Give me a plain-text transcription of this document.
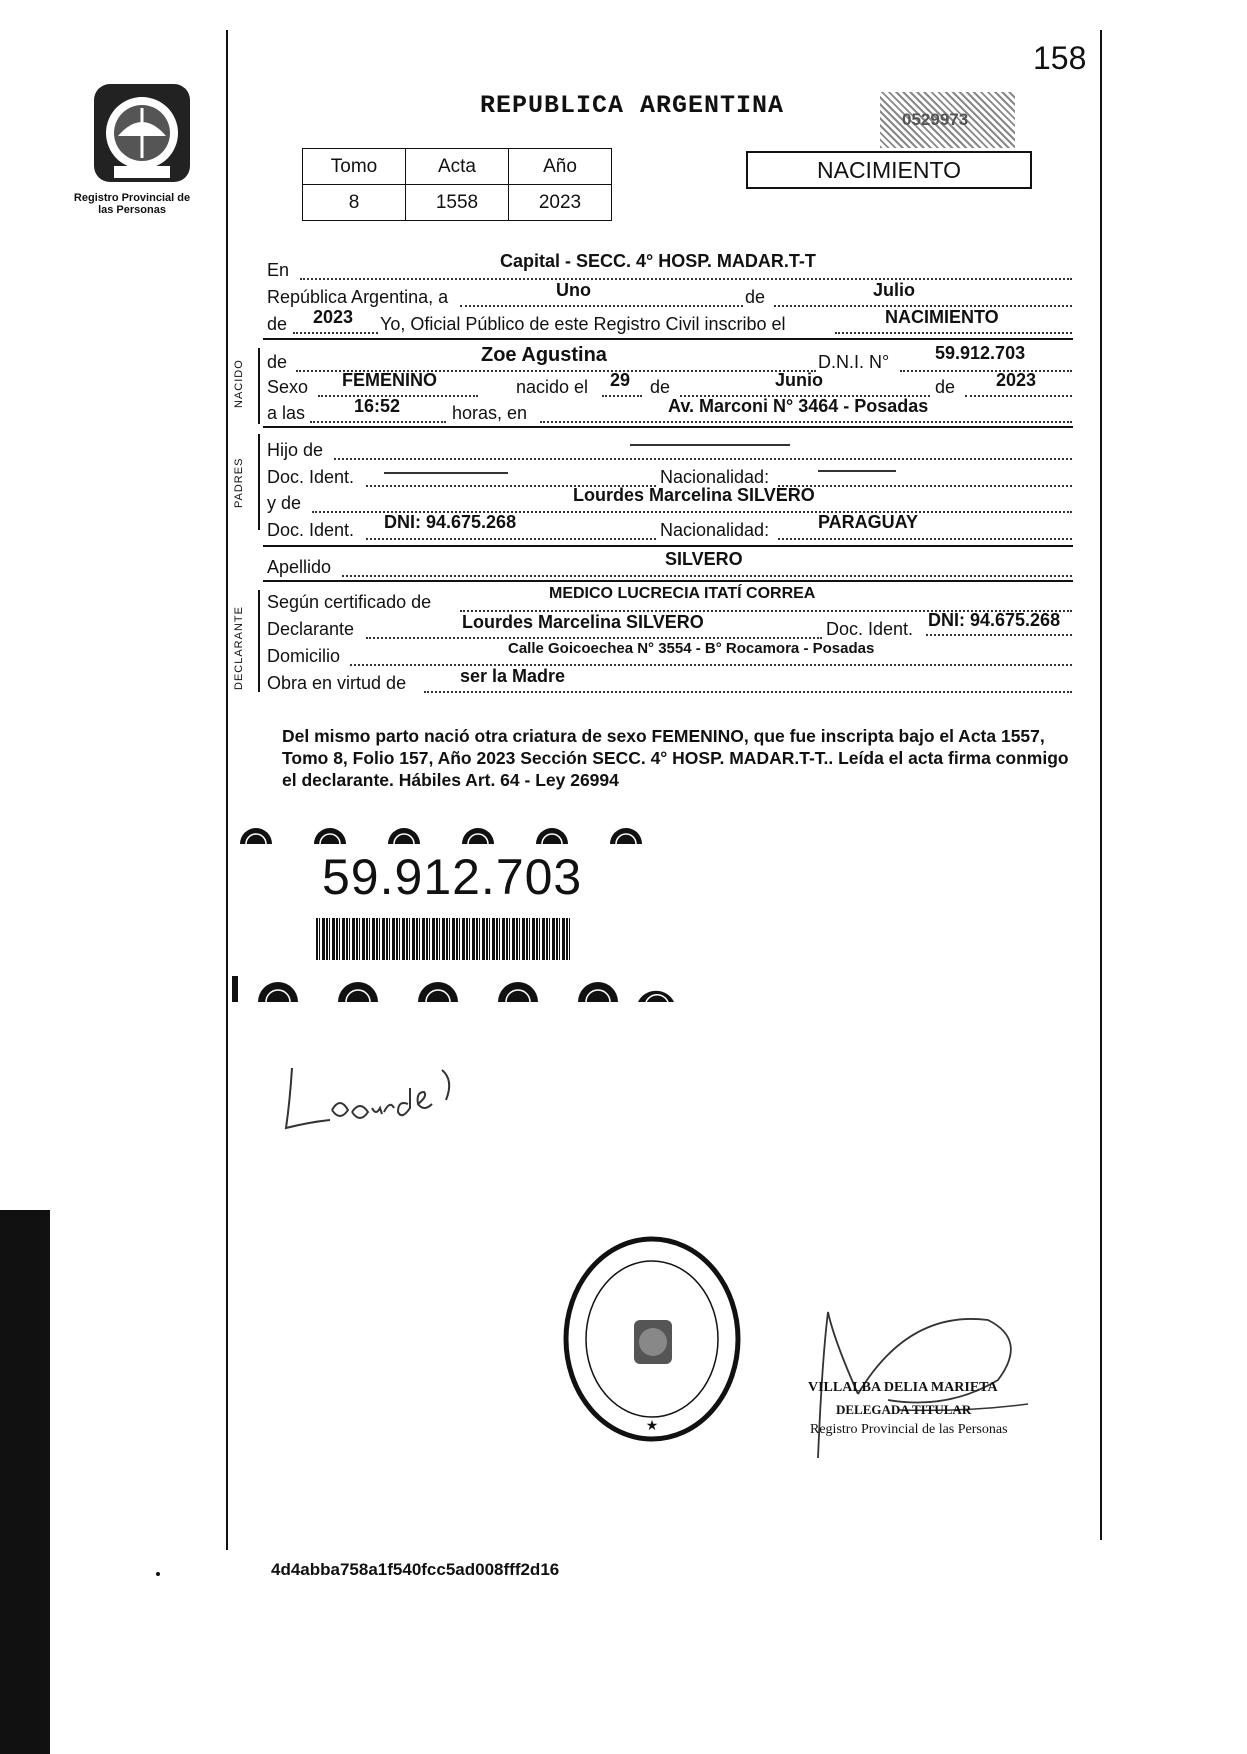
158
Registro Provincial de las Personas
REPUBLICA ARGENTINA	0529973
Tomo	Acta	Año
8	1558	2023
NACIMIENTO
En	Capital - SECC. 4° HOSP. MADAR.T-T
República Argentina, a	Uno	de	Julio
de 2023 Yo, Oficial Público de este Registro Civil inscribo el	NACIMIENTO
NACIDO de	Zoe Agustina	D.N.I. N°	59.912.703
Sexo FEMENINO	nacido el 29 de	Junio	de 2023
a las	16:52	horas, en	Av. Marconi N° 3464 - Posadas
PADRES
Hijo de
Doc. Ident.	Nacionalidad:
y de	Lourdes Marcelina SILVERO
Doc. Ident. DNI: 94.675.268	Nacionalidad:	PARAGUAY
Apellido	SILVERO
DECLARANTE
Según certificado de	MEDICO LUCRECIA ITATÍ CORREA
Declarante	Lourdes Marcelina SILVERO	Doc. Ident. DNI: 94.675.268
Domicilio	Calle Goicoechea N° 3554 - B° Rocamora - Posadas
Obra en virtud de	ser la Madre
Del mismo parto nació otra criatura de sexo FEMENINO, que fue inscripta bajo el Acta 1557, Tomo 8, Folio 157, Año 2023 Sección SECC. 4° HOSP. MADAR.T-T.. Leída el acta firma conmigo el declarante. Hábiles Art. 64 - Ley 26994
59.912.703
★
VILLALBA DELIA MARIETA
DELEGADA TITULAR
Registro Provincial de las Personas
4d4abba758a1f540fcc5ad008fff2d16
